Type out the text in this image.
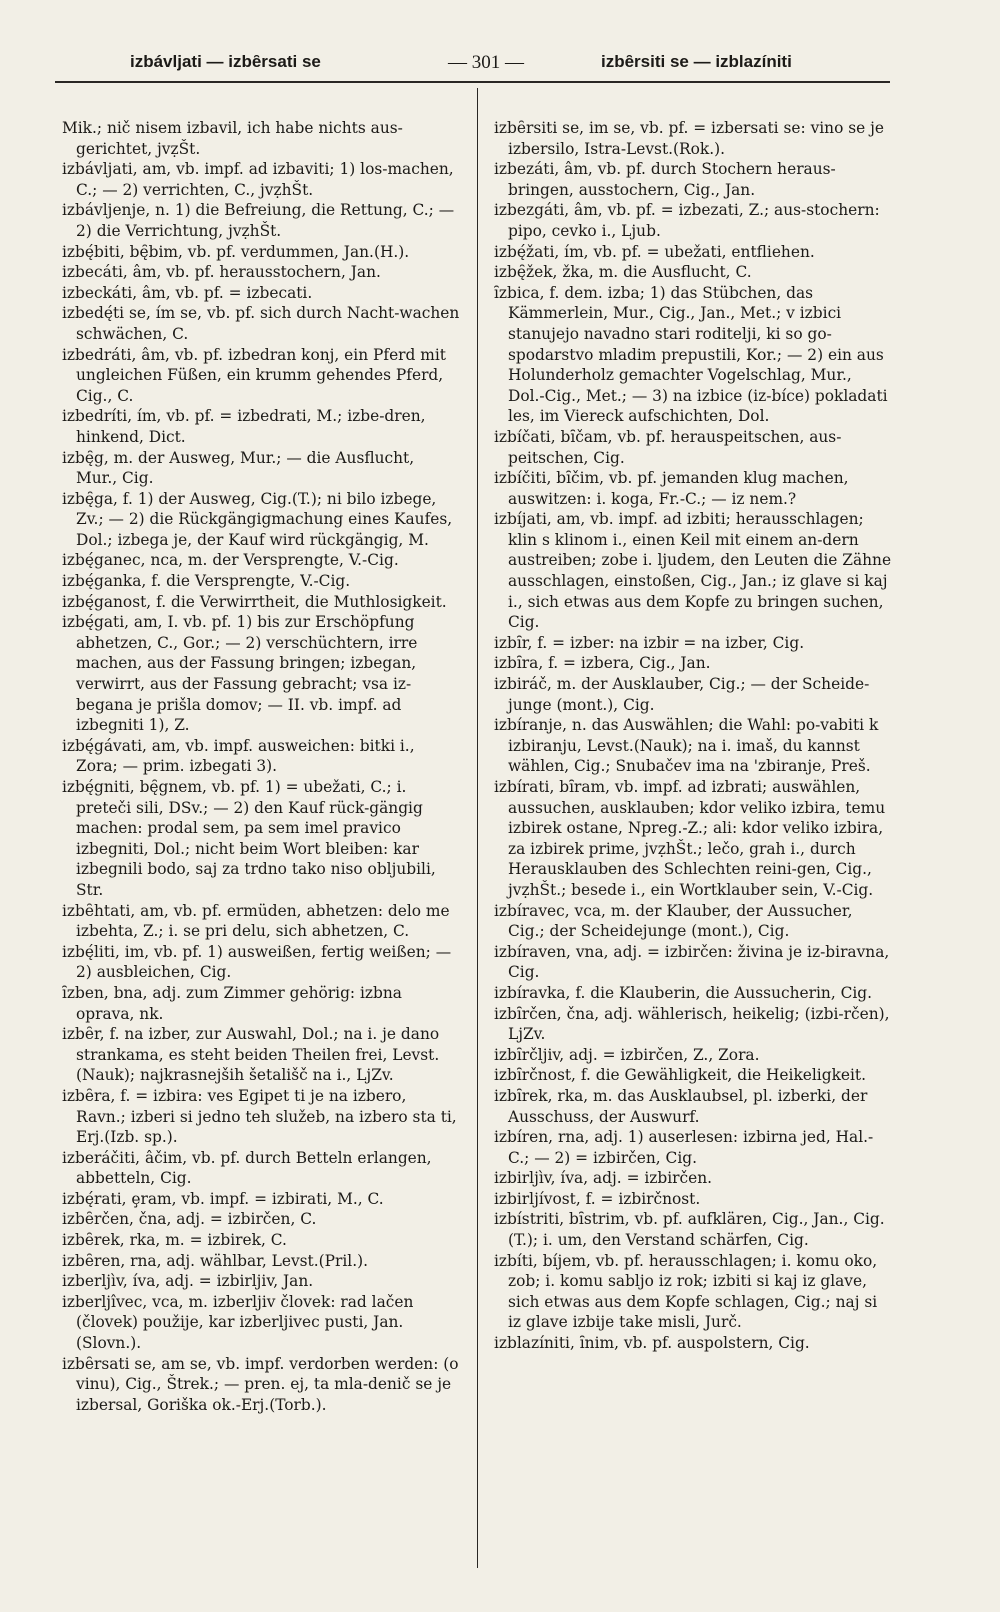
izbávljati — izbȇrsati se	— 301 —	izbȇrsiti se — izblazíniti
Mik.; nič nisem izbavil, ich habe nichts aus-gerichtet, jvẓŠt.
izbávljati, am, vb. impf. ad izbaviti; 1) los-machen, C.; — 2) verrichten, C., jvẓhŠt.
izbávljenje, n. 1) die Befreiung, die Rettung, C.; — 2) die Verrichtung, jvẓhŠt.
izbę́biti, bę̑bim, vb. pf. verdummen, Jan.(H.).
izbecáti, âm, vb. pf. herausstochern, Jan.
izbeckáti, âm, vb. pf. = izbecati.
izbedę́ti se, ím se, vb. pf. sich durch Nacht-wachen schwächen, C.
izbedráti, âm, vb. pf. izbedran konj, ein Pferd mit ungleichen Füßen, ein krumm gehendes Pferd, Cig., C.
izbedríti, ím, vb. pf. = izbedrati, M.; izbe-dren, hinkend, Dict.
izbę̑g, m. der Ausweg, Mur.; — die Ausflucht, Mur., Cig.
izbę̑ga, f. 1) der Ausweg, Cig.(T.); ni bilo izbege, Zv.; — 2) die Rückgängigmachung eines Kaufes, Dol.; izbega je, der Kauf wird rückgängig, M.
izbę́ganec, nca, m. der Versprengte, V.-Cig.
izbę́ganka, f. die Versprengte, V.-Cig.
izbę́ganost, f. die Verwirrtheit, die Muthlosigkeit.
izbę́gati, am, I. vb. pf. 1) bis zur Erschöpfung abhetzen, C., Gor.; — 2) verschüchtern, irre machen, aus der Fassung bringen; izbegan, verwirrt, aus der Fassung gebracht; vsa iz-begana je prišla domov; — II. vb. impf. ad izbegniti 1), Z.
izbę́gávati, am, vb. impf. ausweichen: bitki i., Zora; — prim. izbegati 3).
izbę́gniti, bę̑gnem, vb. pf. 1) = ubežati, C.; i. preteči sili, DSv.; — 2) den Kauf rück-gängig machen: prodal sem, pa sem imel pravico izbegniti, Dol.; nicht beim Wort bleiben: kar izbegnili bodo, saj za trdno tako niso obljubili, Str.
izbȇhtati, am, vb. pf. ermüden, abhetzen: delo me izbehta, Z.; i. se pri delu, sich abhetzen, C.
izbę́liti, im, vb. pf. 1) ausweißen, fertig weißen; — 2) ausbleichen, Cig.
ȋzben, bna, adj. zum Zimmer gehörig: izbna oprava, nk.
izbȇr, f. na izber, zur Auswahl, Dol.; na i. je dano strankama, es steht beiden Theilen frei, Levst.(Nauk); najkrasnejših šetališč na i., LjZv.
izbȇra, f. = izbira: ves Egipet ti je na izbero, Ravn.; izberi si jedno teh služeb, na izbero sta ti, Erj.(Izb. sp.).
izberáčiti, âčim, vb. pf. durch Betteln erlangen, abbetteln, Cig.
izbę́rati, ȩram, vb. impf. = izbirati, M., C.
izbȇrčen, čna, adj. = izbirčen, C.
izbȇrek, rka, m. = izbirek, C.
izbȇren, rna, adj. wählbar, Levst.(Pril.).
izberljìv, íva, adj. = izbirljiv, Jan.
izberljîvec, vca, m. izberljiv človek: rad lačen (človek) použije, kar izberljivec pusti, Jan. (Slovn.).
izbȇrsati se, am se, vb. impf. verdorben werden: (o vinu), Cig., Štrek.; — pren. ej, ta mla-denič se je izbersal, Goriška ok.-Erj.(Torb.).
izbȇrsiti se, im se, vb. pf. = izbersati se: vino se je izbersilo, Istra-Levst.(Rok.).
izbezáti, âm, vb. pf. durch Stochern heraus-bringen, ausstochern, Cig., Jan.
izbezgáti, âm, vb. pf. = izbezati, Z.; aus-stochern: pipo, cevko i., Ljub.
izbę́žati, ím, vb. pf. = ubežati, entfliehen.
izbę̑žek, žka, m. die Ausflucht, C.
ȋzbica, f. dem. izba; 1) das Stübchen, das Kämmerlein, Mur., Cig., Jan., Met.; v izbici stanujejo navadno stari roditelji, ki so go-spodarstvo mladim prepustili, Kor.; — 2) ein aus Holunderholz gemachter Vogelschlag, Mur., Dol.-Cig., Met.; — 3) na izbice (iz-bíce) pokladati les, im Viereck aufschichten, Dol.
izbíčati, bȋčam, vb. pf. herauspeitschen, aus-peitschen, Cig.
izbíčiti, bȋčim, vb. pf. jemanden klug machen, auswitzen: i. koga, Fr.-C.; — iz nem.?
izbíjati, am, vb. impf. ad izbiti; herausschlagen; klin s klinom i., einen Keil mit einem an-dern austreiben; zobe i. ljudem, den Leuten die Zähne ausschlagen, einstoßen, Cig., Jan.; iz glave si kaj i., sich etwas aus dem Kopfe zu bringen suchen, Cig.
izbȋr, f. = izber: na izbir = na izber, Cig.
izbȋra, f. = izbera, Cig., Jan.
izbiráč, m. der Ausklauber, Cig.; — der Scheide-junge (mont.), Cig.
izbíranje, n. das Auswählen; die Wahl: po-vabiti k izbiranju, Levst.(Nauk); na i. imaš, du kannst wählen, Cig.; Snubačev ima na 'zbiranje, Preš.
izbírati, bȋram, vb. impf. ad izbrati; auswählen, aussuchen, ausklauben; kdor veliko izbira, temu izbirek ostane, Npreg.-Z.; ali: kdor veliko izbira, za izbirek prime, jvẓhŠt.; lečo, grah i., durch Herausklauben des Schlechten reini-gen, Cig., jvẓhŠt.; besede i., ein Wortklauber sein, V.-Cig.
izbíravec, vca, m. der Klauber, der Aussucher, Cig.; der Scheidejunge (mont.), Cig.
izbíraven, vna, adj. = izbirčen: živina je iz-biravna, Cig.
izbíravka, f. die Klauberin, die Aussucherin, Cig.
izbȋrčen, čna, adj. wählerisch, heikelig; (izbi-rčen), LjZv.
izbȋrčljiv, adj. = izbirčen, Z., Zora.
izbȋrčnost, f. die Gewähligkeit, die Heikeligkeit.
izbȋrek, rka, m. das Ausklaubsel, pl. izberki, der Ausschuss, der Auswurf.
izbíren, rna, adj. 1) auserlesen: izbirna jed, Hal.-C.; — 2) = izbirčen, Cig.
izbirljìv, íva, adj. = izbirčen.
izbirljívost, f. = izbirčnost.
izbístriti, bȋstrim, vb. pf. aufklären, Cig., Jan., Cig.(T.); i. um, den Verstand schärfen, Cig.
izbíti, bíjem, vb. pf. herausschlagen; i. komu oko, zob; i. komu sabljo iz rok; izbiti si kaj iz glave, sich etwas aus dem Kopfe schlagen, Cig.; naj si iz glave izbije take misli, Jurč.
izblazíniti, ȋnim, vb. pf. auspolstern, Cig.
